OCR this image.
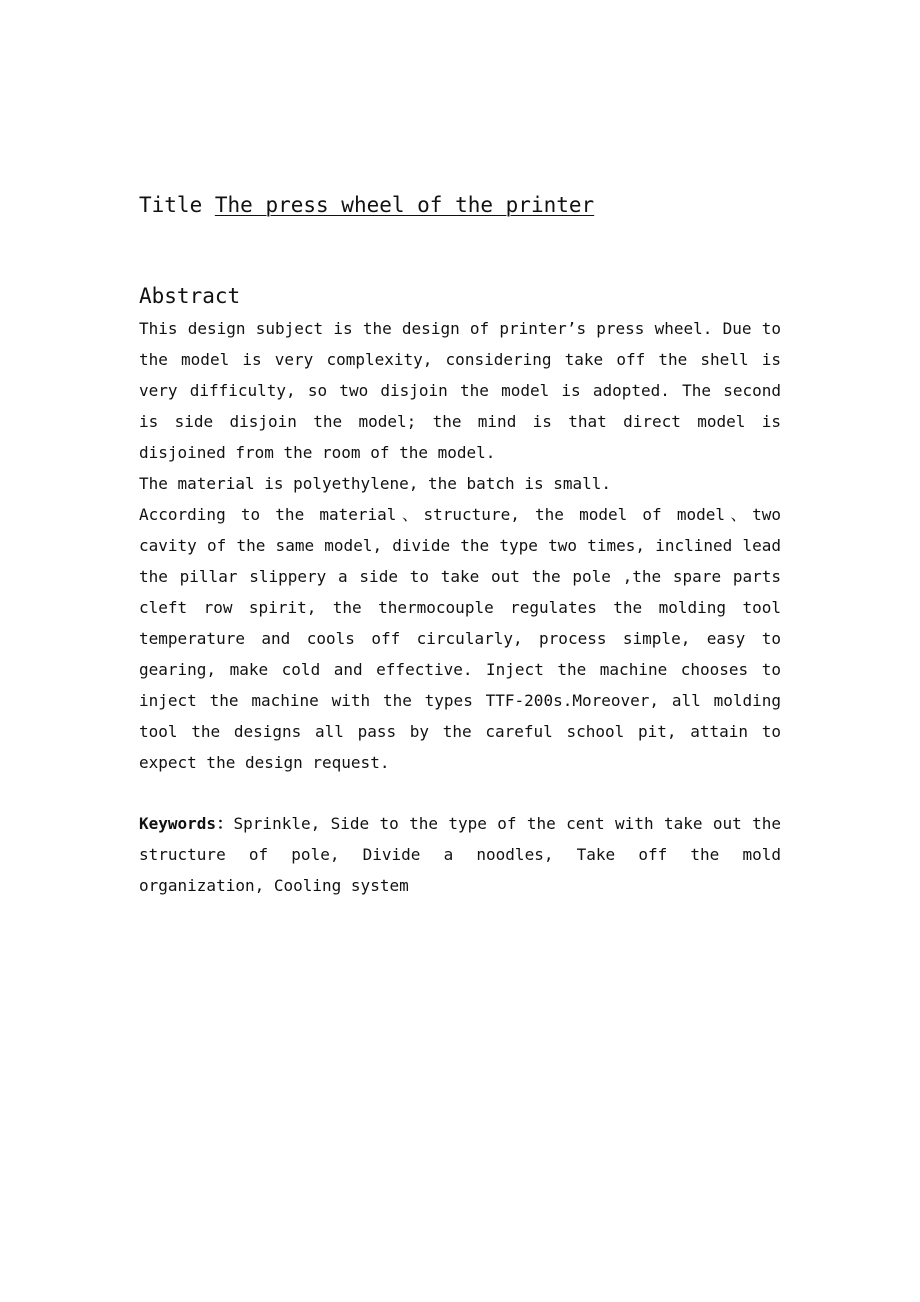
Title The press wheel of the printer
Abstract

This design subject is the design of printer’s press wheel. Due to the model is very complexity, considering take off the shell is very difficulty, so two disjoin the model is adopted. The second is side disjoin the model; the mind is that direct model is disjoined from the room of the model.

The material is polyethylene, the batch is small.

According to the material、structure, the model of model、two cavity of the same model, divide the type two times, inclined lead the pillar slippery a side to take out the pole ,the spare parts cleft row spirit, the thermocouple regulates the molding tool temperature and cools off circularly, process simple, easy to gearing, make cold and effective. Inject the machine chooses to inject the machine with the types TTF-200s.Moreover, all molding tool the designs all pass by the careful school pit, attain to expect the design request.

Keywords：Sprinkle, Side to the type of the cent with take out the structure of pole, Divide a noodles, Take off the mold organization, Cooling system
